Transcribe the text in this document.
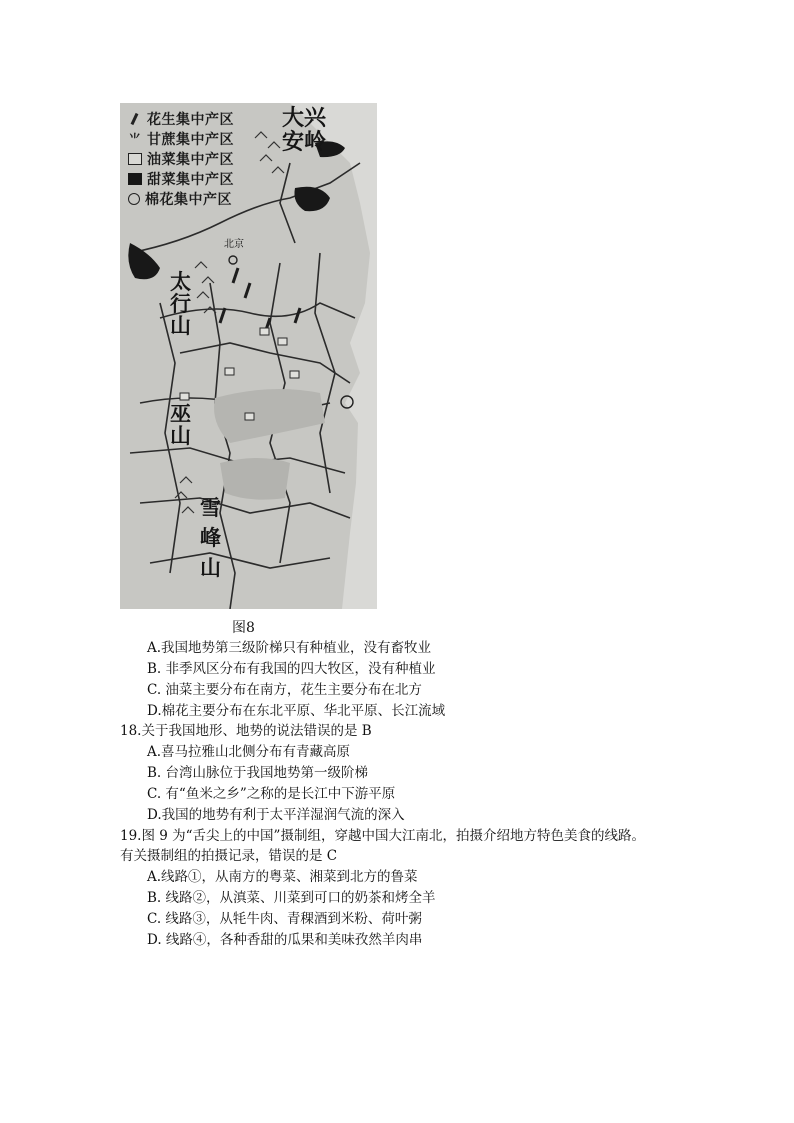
花生集中产区
⺌ 甘蔗集中产区
油菜集中产区
甜菜集中产区
棉花集中产区
大兴安岭
太行山
巫山
雪峰山
北京
图8
A.我国地势第三级阶梯只有种植业，没有畜牧业
B. 非季风区分布有我国的四大牧区，没有种植业
C. 油菜主要分布在南方，花生主要分布在北方
D.棉花主要分布在东北平原、华北平原、长江流域
18.关于我国地形、地势的说法错误的是 B
A.喜马拉雅山北侧分布有青藏高原
B. 台湾山脉位于我国地势第一级阶梯
C. 有“鱼米之乡”之称的是长江中下游平原
D.我国的地势有利于太平洋湿润气流的深入
19.图 9 为“舌尖上的中国”摄制组，穿越中国大江南北，拍摄介绍地方特色美食的线路。
有关摄制组的拍摄记录，错误的是 C
A.线路①，从南方的粤菜、湘菜到北方的鲁菜
B. 线路②，从滇菜、川菜到可口的奶茶和烤全羊
C. 线路③，从牦牛肉、青稞酒到米粉、荷叶粥
D. 线路④，各种香甜的瓜果和美味孜然羊肉串
